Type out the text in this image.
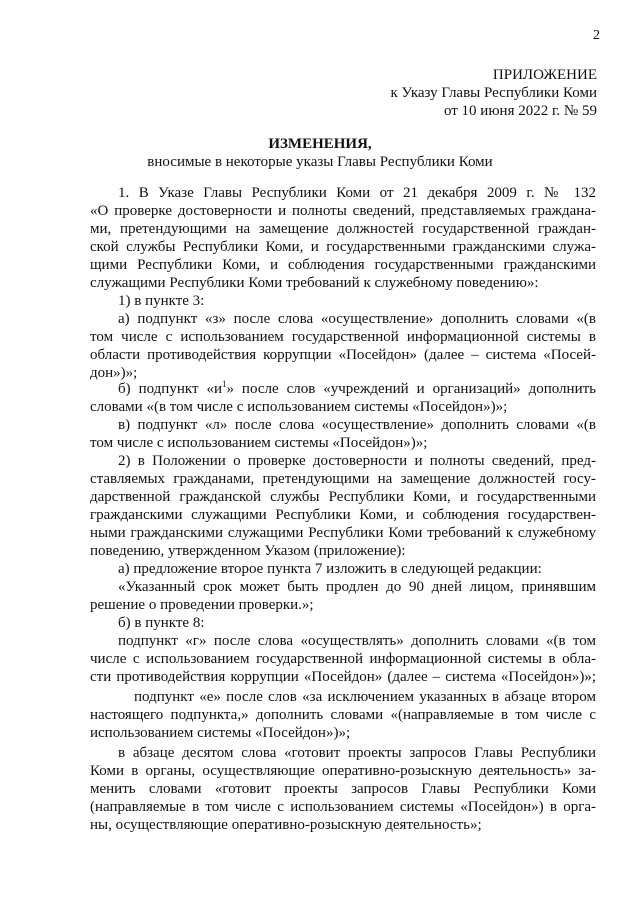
2
ПРИЛОЖЕНИЕ
к Указу Главы Республики Коми
от 10 июня 2022 г. № 59
ИЗМЕНЕНИЯ,
вносимые в некоторые указы Главы Республики Коми
1. В Указе Главы Республики Коми от 21 декабря 2009 г. № 132
«О проверке достоверности и полноты сведений, представляемых граждана-
ми, претендующими на замещение должностей государственной граждан-
ской службы Республики Коми, и государственными гражданскими служа-
щими Республики Коми, и соблюдения государственными гражданскими
служащими Республики Коми требований к служебному поведению»:
1) в пункте 3:
а) подпункт «з» после слова «осуществление» дополнить словами «(в
том числе с использованием государственной информационной системы в
области противодействия коррупции «Посейдон» (далее – система «Посей-
дон»)»;
б) подпункт «$и^1$» после слов «учреждений и организаций» дополнить
словами «(в том числе с использованием системы «Посейдон»)»;
в) подпункт «л» после слова «осуществление» дополнить словами «(в
том числе с использованием системы «Посейдон»)»;
2) в Положении о проверке достоверности и полноты сведений, пред-
ставляемых гражданами, претендующими на замещение должностей госу-
дарственной гражданской службы Республики Коми, и государственными
гражданскими служащими Республики Коми, и соблюдения государствен-
ными гражданскими служащими Республики Коми требований к служебному
поведению, утвержденном Указом (приложение):
а) предложение второе пункта 7 изложить в следующей редакции:
«Указанный срок может быть продлен до 90 дней лицом, принявшим
решение о проведении проверки.»;
б) в пункте 8:
подпункт «г» после слова «осуществлять» дополнить словами «(в том
числе с использованием государственной информационной системы в обла-
сти противодействия коррупции «Посейдон» (далее – система «Посейдон»)»;
подпункт «е» после слов «за исключением указанных в абзаце втором
настоящего подпункта,» дополнить словами «(направляемые в том числе с
использованием системы «Посейдон»)»;
в абзаце десятом слова «готовит проекты запросов Главы Республики
Коми в органы, осуществляющие оперативно-розыскную деятельность» за-
менить словами «готовит проекты запросов Главы Республики Коми
(направляемые в том числе с использованием системы «Посейдон») в орга-
ны, осуществляющие оперативно-розыскную деятельность»;
